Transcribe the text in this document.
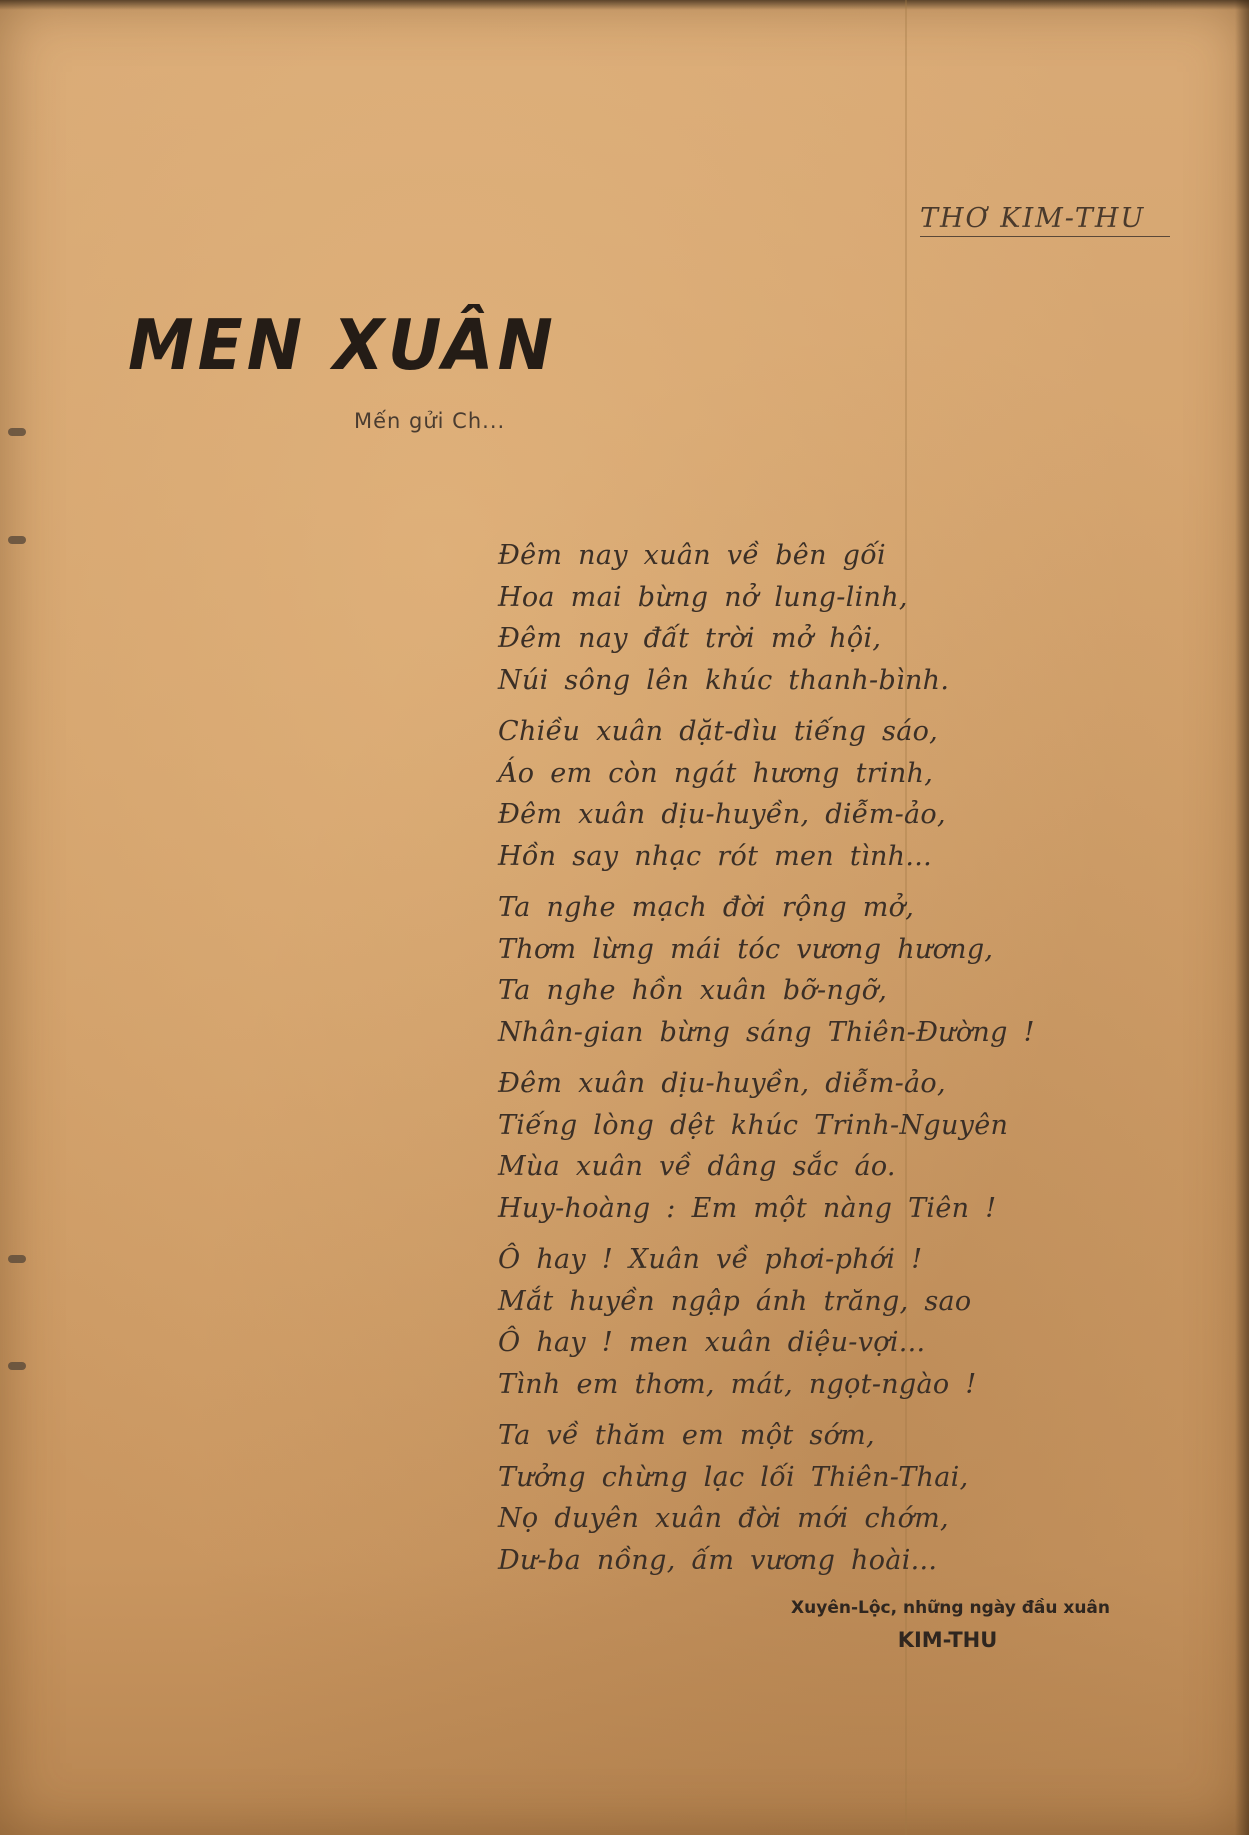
THƠ KIM-THU
MEN XUÂN
Mến gửi Ch...
Đêm nay xuân về bên gối
Hoa mai bừng nở lung-linh,
Đêm nay đất trời mở hội,
Núi sông lên khúc thanh-bình.
Chiều xuân dặt-dìu tiếng sáo,
Áo em còn ngát hương trinh,
Đêm xuân dịu-huyền, diễm-ảo,
Hồn say nhạc rót men tình...
Ta nghe mạch đời rộng mở,
Thơm lừng mái tóc vương hương,
Ta nghe hồn xuân bỡ-ngỡ,
Nhân-gian bừng sáng Thiên-Đường !
Đêm xuân dịu-huyền, diễm-ảo,
Tiếng lòng dệt khúc Trinh-Nguyên
Mùa xuân về dâng sắc áo.
Huy-hoàng : Em một nàng Tiên !
Ô hay ! Xuân về phơi-phới !
Mắt huyền ngập ánh trăng, sao
Ô hay ! men xuân diệu-vợi...
Tình em thơm, mát, ngọt-ngào !
Ta về thăm em một sớm,
Tưởng chừng lạc lối Thiên-Thai,
Nọ duyên xuân đời mới chớm,
Dư-ba nồng, ấm vương hoài...
Xuyên-Lộc, những ngày đầu xuân
KIM-THU
